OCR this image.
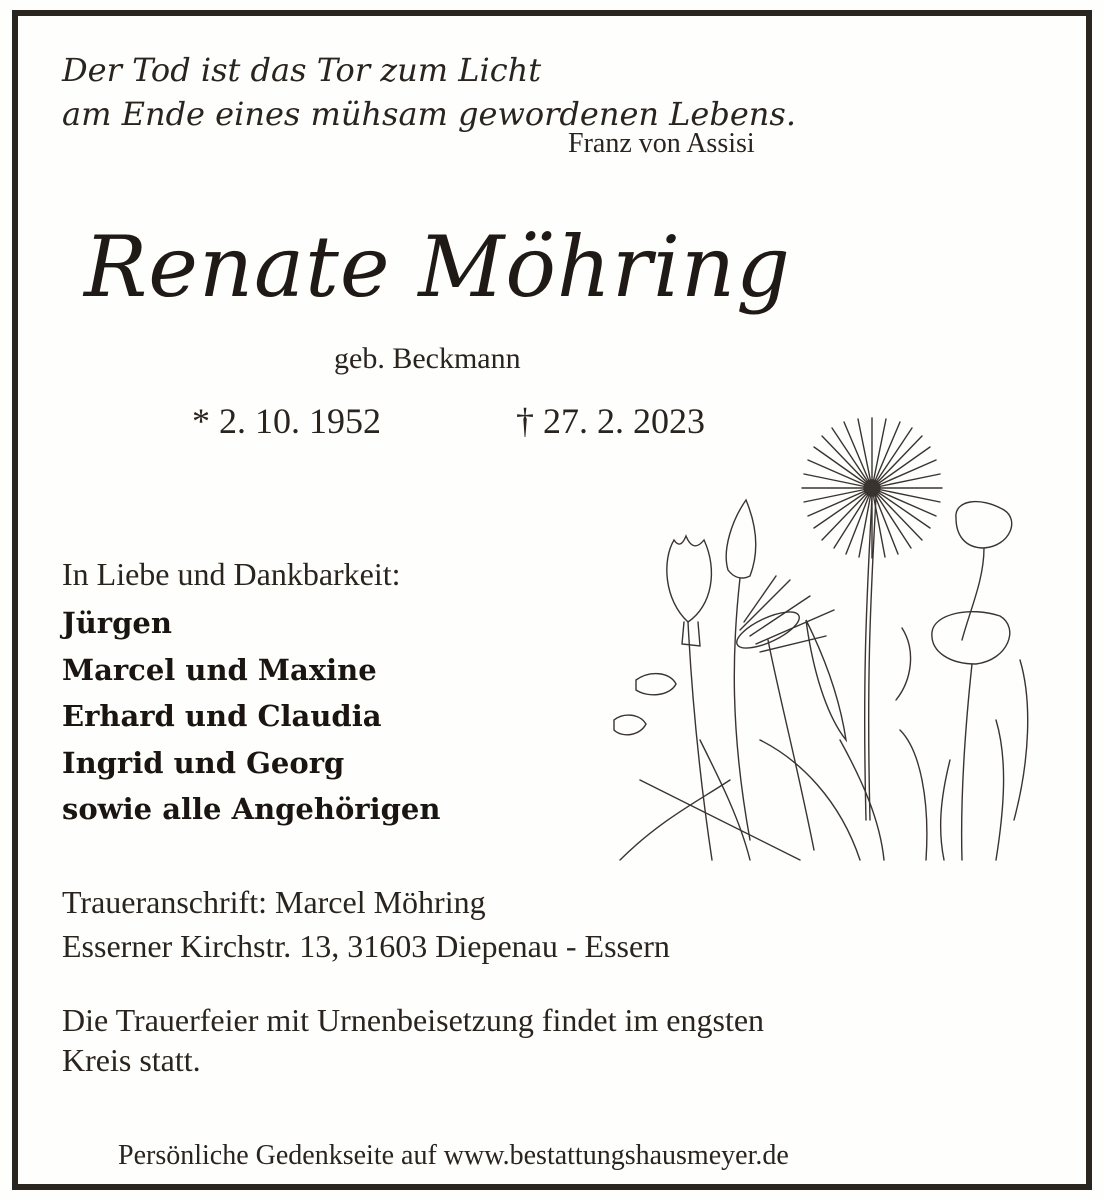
Der Tod ist das Tor zum Licht
am Ende eines mühsam gewordenen Lebens.
Franz von Assisi
Renate Möhring
geb. Beckmann
* 2. 10. 1952	† 27. 2. 2023
In Liebe und Dankbarkeit:
Jürgen
Marcel und Maxine
Erhard und Claudia
Ingrid und Georg
sowie alle Angehörigen
Traueranschrift: Marcel Möhring
Esserner Kirchstr. 13, 31603 Diepenau - Essern
Die Trauerfeier mit Urnenbeisetzung findet im engsten
Kreis statt.
Persönliche Gedenkseite auf www.bestattungshausmeyer.de
